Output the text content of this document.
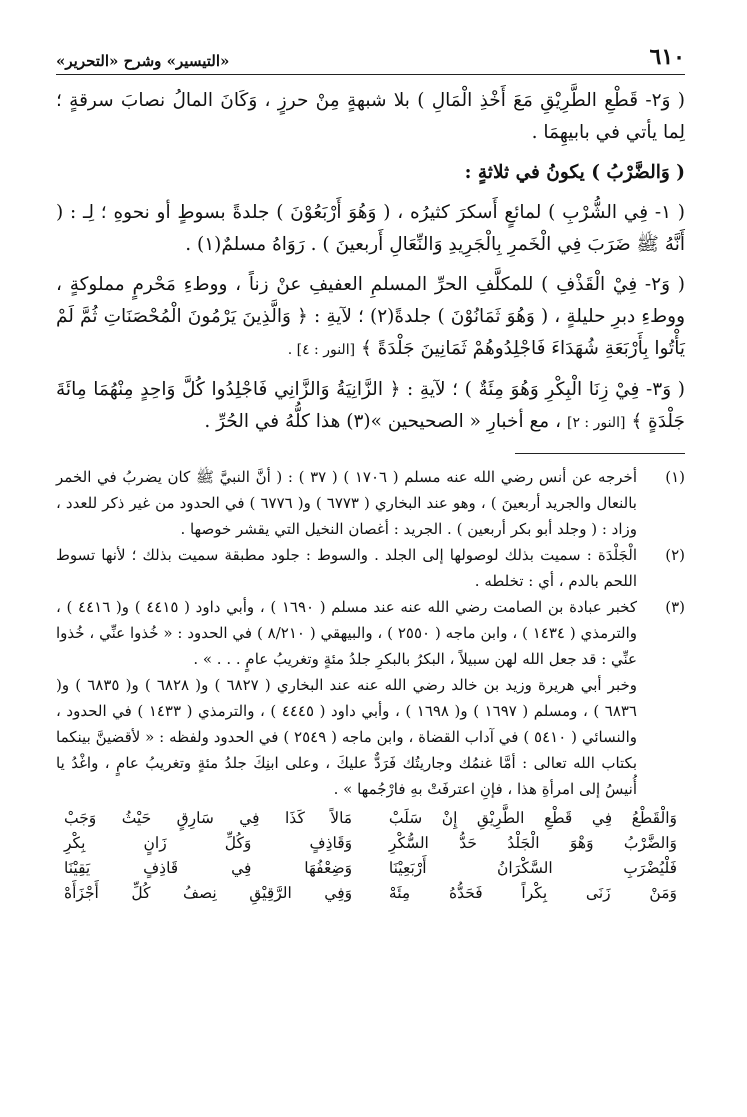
٦١٠
«التيسير» وشرح «التحرير»

( وَ٢- قَطْعِ الطَّرِيْقِ مَعَ أَخْذِ الْمَالِ ) بلا شبهةٍ مِنْ حرزٍ ، وَكَانَ المالُ نصابَ سرقةٍ ؛ لِما يأتي في بابيهِمَا .

( وَالضَّرْبُ ) يكونُ في ثلاثةٍ :

( ١- فِي الشُّرْبِ ) لمائعٍ أَسكرَ كثيرُه ، ( وَهُوَ أَرْبَعُوْنَ ) جلدةً بسوطٍ أو نحوهِ ؛ لِـ : ( أَنَّهُ ﷺ ضَرَبَ فِي الْخَمرِ بِالْجَرِيدِ وَالنِّعَالِ أَربعينَ ) . رَوَاهُ مسلمٌ(١) .

( وَ٢- فِيْ الْقَذْفِ ) للمكلَّفِ الحرِّ المسلمِ العفيفِ عنْ زناً ، ووطءِ مَحْرمٍ مملوكةٍ ، ووطءِ دبرِ حليلةٍ ، ( وَهُوَ ثَمَانُوْنَ ) جلدةً(٢) ؛ لآيةِ : ﴿ وَالَّذِينَ يَرْمُونَ الْمُحْصَنَاتِ ثُمَّ لَمْ يَأْتُوا بِأَرْبَعَةِ شُهَدَاءَ فَاجْلِدُوهُمْ ثَمَانِينَ جَلْدَةً ﴾ [النور : ٤] .

( وَ٣- فِيْ زِنَا الْبِكْرِ وَهُوَ مِئَةٌ ) ؛ لآيةِ : ﴿ الزَّانِيَةُ وَالزَّانِي فَاجْلِدُوا كُلَّ وَاحِدٍ مِنْهُمَا مِائَةَ جَلْدَةٍ ﴾ [النور : ٢] ، مع أخبارِ « الصحيحين »(٣) هذا كلُّهُ في الحُرِّ .

(١)

أخرجه عن أنس رضي الله عنه مسلم ( ١٧٠٦ ) ( ٣٧ ) : ( أنَّ النبيَّ ﷺ كان يضربُ في الخمر بالنعال والجريد أربعينَ ) ، وهو عند البخاري ( ٦٧٧٣ ) و( ٦٧٧٦ ) في الحدود من غير ذكر للعدد ، وزاد : ( وجلد أبو بكر أربعين ) . الجريد : أغصان النخيل التي يقشر خوصها .

(٢)

الْجَلْدَة : سميت بذلك لوصولها إلى الجلد . والسوط : جلود مطبقة سميت بذلك ؛ لأنها تسوط اللحم بالدم ، أي : تخلطه .

(٣)

كخبر عبادة بن الصامت رضي الله عنه عند مسلم ( ١٦٩٠ ) ، وأبي داود ( ٤٤١٥ ) و( ٤٤١٦ ) ، والترمذي ( ١٤٣٤ ) ، وابن ماجه ( ٢٥٥٠ ) ، والبيهقي ( ٨/٢١٠ ) في الحدود : « خُذوا عنِّي ، خُذوا عنِّي : قد جعل الله لهن سبيلاً ، البكرُ بالبكرِ جلدُ مئةٍ وتغريبُ عامٍ . . . » .

وخبر أبي هريرة وزيد بن خالد رضي الله عنه عند البخاري ( ٦٨٢٧ ) و( ٦٨٢٨ ) و( ٦٨٣٥ ) و( ٦٨٣٦ ) ، ومسلم ( ١٦٩٧ ) و( ١٦٩٨ ) ، وأبي داود ( ٤٤٤٥ ) ، والترمذي ( ١٤٣٣ ) في الحدود ، والنسائي ( ٥٤١٠ ) في آداب القضاة ، وابن ماجه ( ٢٥٤٩ ) في الحدود ولفظه : « لأقضينَّ بينكما بكتاب الله تعالى : أمَّا غنمُك وجاريتُك فَرَدٌّ عليكَ ، وعلى ابنِكَ جلدُ مئةٍ وتغريبُ عامٍ ، واغْدُ يا أُنيسُ إلى امرأةِ هذا ، فإنِ اعترفَتْ بهِ فارْجُمها » .

وَالْقَطْعُ فِي قَطْعِ الطَّرِيْقِ إِنْ سَلَبْ
مَالاً كَذَا فِي سَارِقٍ حَيْثُ وَجَبْ
وَالضَّرْبُ وَهْوَ الْجَلْدُ حَدُّ السُّكْرِ
وَقَاذِفٍ وَكُلِّ زَانٍ بِكْرِ
فَلْيُضْرَبِ السَّكْرَانُ أَرْبَعِيْنَا
وَضِعْفُهَا فِي قَاذِفٍ يَقِيْنَا
وَمَنْ زَنَى بِكْراً فَحَدُّهُ مِئَهْ
وَفِي الرَّقِيْقِ نِصفُ كُلِّ أَجْزَأَهْ
